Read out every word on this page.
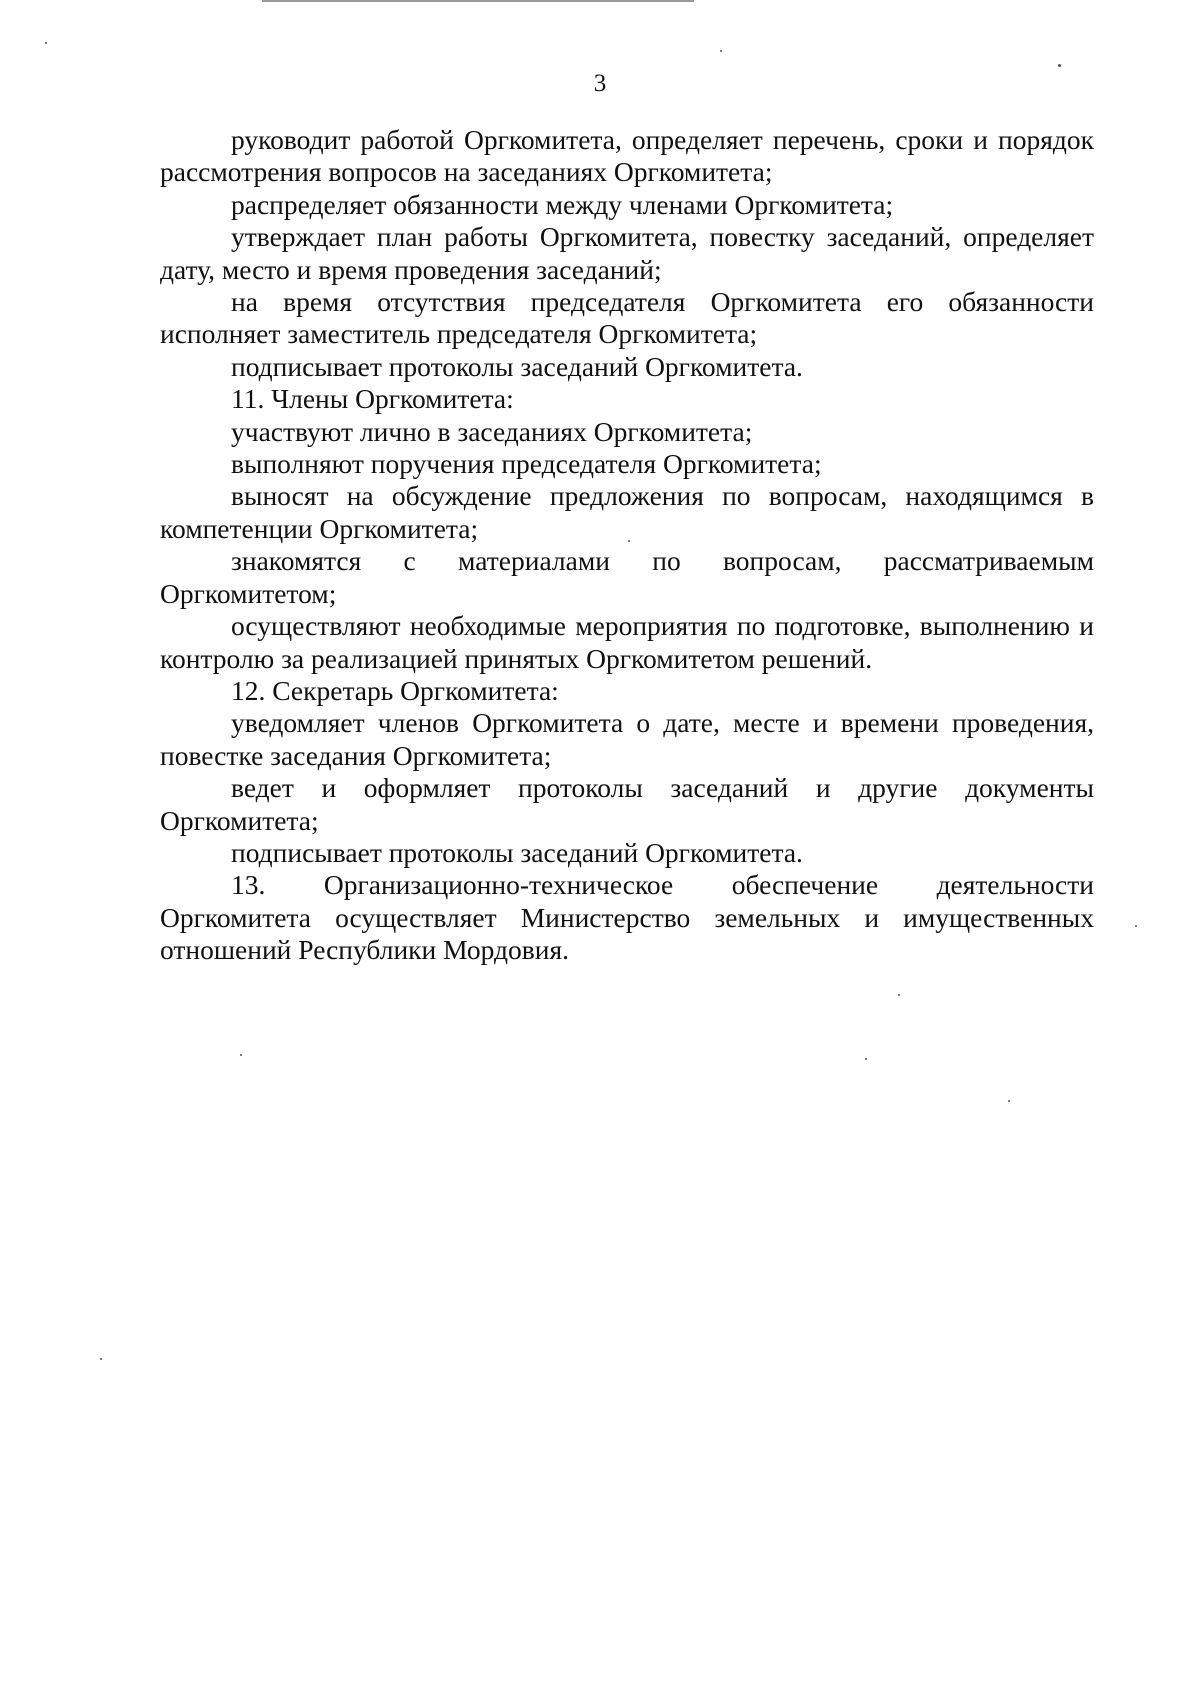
3

руководит работой Оргкомитета, определяет перечень, сроки и порядок рассмотрения вопросов на заседаниях Оргкомитета;

распределяет обязанности между членами Оргкомитета;

утверждает план работы Оргкомитета, повестку заседаний, определяет дату, место и время проведения заседаний;

на время отсутствия председателя Оргкомитета его обязанности исполняет заместитель председателя Оргкомитета;

подписывает протоколы заседаний Оргкомитета.

11. Члены Оргкомитета:

участвуют лично в заседаниях Оргкомитета;

выполняют поручения председателя Оргкомитета;

выносят на обсуждение предложения по вопросам, находящимся в компетенции Оргкомитета;

знакомятся с материалами по вопросам, рассматриваемым Оргкомитетом;

осуществляют необходимые мероприятия по подготовке, выполнению и контролю за реализацией принятых Оргкомитетом решений.

12. Секретарь Оргкомитета:

уведомляет членов Оргкомитета о дате, месте и времени проведения, повестке заседания Оргкомитета;

ведет и оформляет протоколы заседаний и другие документы Оргкомитета;

подписывает протоколы заседаний Оргкомитета.

13. Организационно-техническое обеспечение деятельности Оргкомитета осуществляет Министерство земельных и имущественных отношений Республики Мордовия.
